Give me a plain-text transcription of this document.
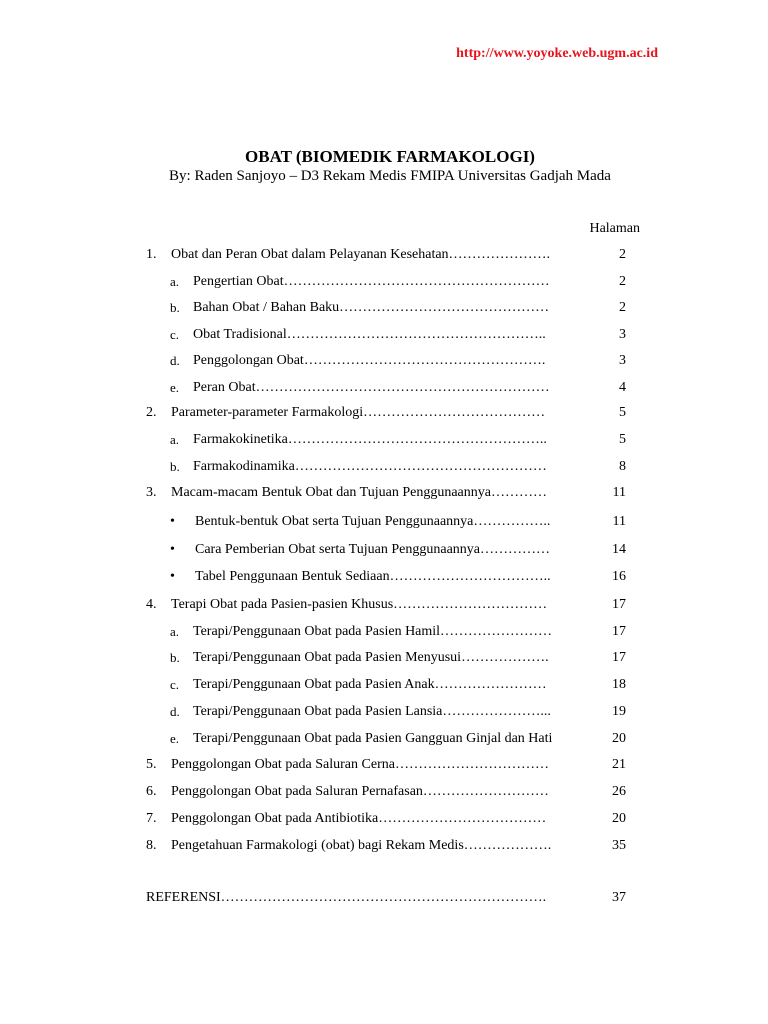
http://www.yoyoke.web.ugm.ac.id
OBAT (BIOMEDIK FARMAKOLOGI)
By: Raden Sanjoyo – D3 Rekam Medis FMIPA Universitas Gadjah Mada
Halaman
1. Obat dan Peran Obat dalam Pelayanan Kesehatan………………….	2
a. Pengertian Obat…………………………………………………	2
b. Bahan Obat / Bahan Baku………………………………………	2
c. Obat Tradisional………………………………………………..	3
d. Penggolongan Obat…………………………………………….	3
e. Peran Obat………………………………………………………	4
2. Parameter-parameter Farmakologi…………………………………	5
a. Farmakokinetika………………………………………………..	5
b. Farmakodinamika………………………………………………	8
3. Macam-macam Bentuk Obat dan Tujuan Penggunaannya…………	11
• Bentuk-bentuk Obat serta Tujuan Penggunaannya……………..	11
• Cara Pemberian Obat serta Tujuan Penggunaannya……………	14
• Tabel Penggunaan Bentuk Sediaan……………………………..	16
4. Terapi Obat pada Pasien-pasien Khusus……………………………	17
a. Terapi/Penggunaan Obat pada Pasien Hamil……………………	17
b. Terapi/Penggunaan Obat pada Pasien Menyusui……………….	17
c. Terapi/Penggunaan Obat pada Pasien Anak……………………	18
d. Terapi/Penggunaan Obat pada Pasien Lansia…………………...	19
e. Terapi/Penggunaan Obat pada Pasien Gangguan Ginjal dan Hati	20
5. Penggolongan Obat pada Saluran Cerna……………………………	21
6. Penggolongan Obat pada Saluran Pernafasan………………………	26
7. Penggolongan Obat pada Antibiotika………………………………	20
8. Pengetahuan Farmakologi (obat) bagi Rekam Medis……………….	35
REFERENSI…………………………………………………………….	37
